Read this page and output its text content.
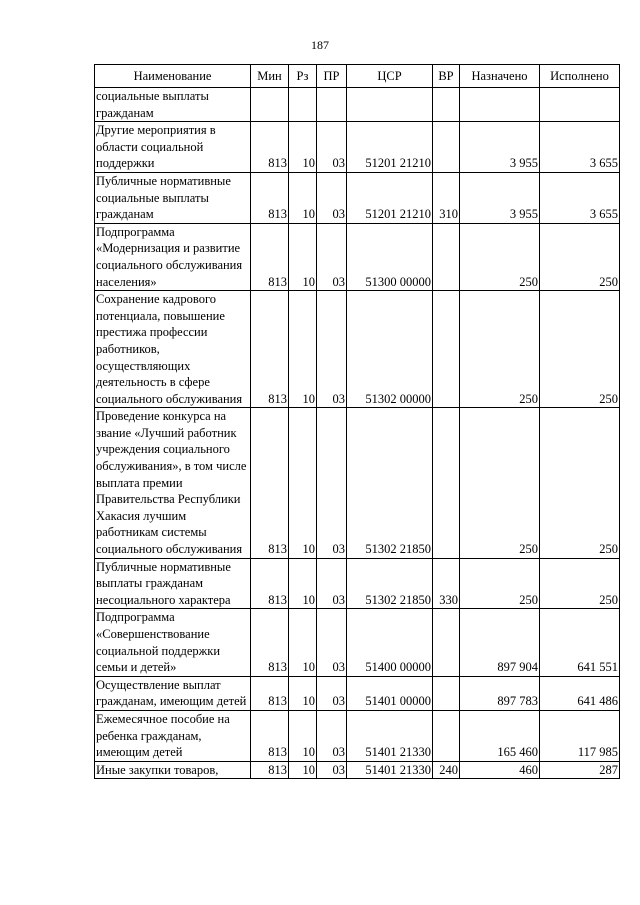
187
Наименование	Мин	Рз	ПР	ЦСР	ВР	Назначено	Исполнено
социальные выплаты гражданам							
Другие мероприятия в области социальной поддержки	813	10	03	51201 21210		3 955	3 655
Публичные нормативные социальные выплаты гражданам	813	10	03	51201 21210	310	3 955	3 655
Подпрограмма «Модернизация и развитие социального обслуживания населения»	813	10	03	51300 00000		250	250
Сохранение кадрового потенциала, повышение престижа профессии работников, осуществляющих деятельность в сфере социального обслуживания	813	10	03	51302 00000		250	250
Проведение конкурса на звание «Лучший работник учреждения социального обслуживания», в том числе выплата премии Правительства Республики Хакасия лучшим работникам системы социального обслуживания	813	10	03	51302 21850		250	250
Публичные нормативные выплаты гражданам несоциального характера	813	10	03	51302 21850	330	250	250
Подпрограмма «Совершенствование социальной поддержки семьи и детей»	813	10	03	51400 00000		897 904	641 551
Осуществление выплат гражданам, имеющим детей	813	10	03	51401 00000		897 783	641 486
Ежемесячное пособие на ребенка гражданам, имеющим детей	813	10	03	51401 21330		165 460	117 985
Иные закупки товаров,	813	10	03	51401 21330	240	460	287
